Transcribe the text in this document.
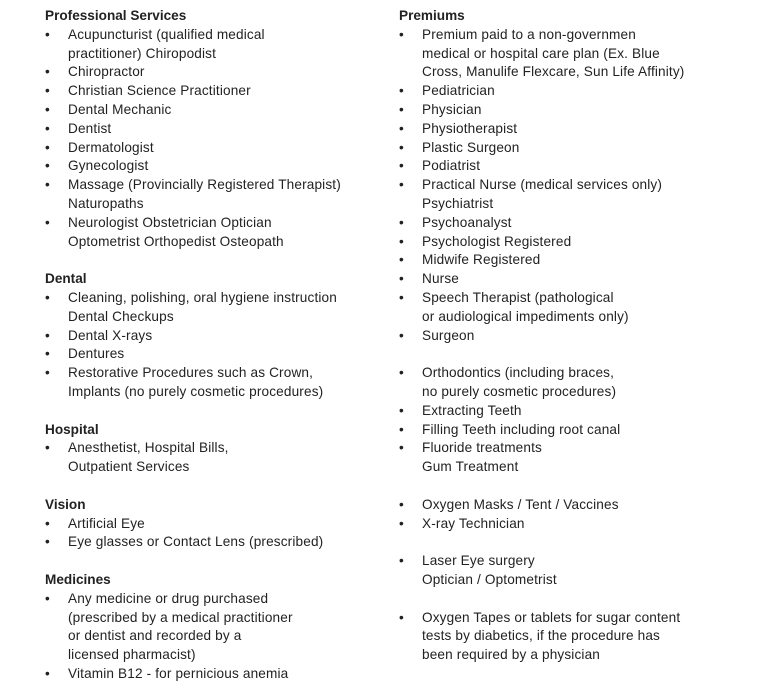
Professional Services
•	Acupuncturist (qualified medical
practitioner) Chiropodist
•	Chiropractor
•	Christian Science Practitioner
•	Dental Mechanic
•	Dentist
•	Dermatologist
•	Gynecologist
•	Massage (Provincially Registered Therapist)
Naturopaths
•	Neurologist Obstetrician Optician
Optometrist Orthopedist Osteopath
Dental
•	Cleaning, polishing, oral hygiene instruction
Dental Checkups
•	Dental X-rays
•	Dentures
•	Restorative Procedures such as Crown,
Implants (no purely cosmetic procedures)
Hospital
•	Anesthetist, Hospital Bills,
Outpatient Services
Vision
•	Artificial Eye
•	Eye glasses or Contact Lens (prescribed)
Medicines
•	Any medicine or drug purchased
(prescribed by a medical practitioner
or dentist and recorded by a
licensed pharmacist)
•	Vitamin B12 - for pernicious anemia
Premiums
•	Premium paid to a non-governmen
medical or hospital care plan (Ex. Blue
Cross, Manulife Flexcare, Sun Life Affinity)
•	Pediatrician
•	Physician
•	Physiotherapist
•	Plastic Surgeon
•	Podiatrist
•	Practical Nurse (medical services only)
Psychiatrist
•	Psychoanalyst
•	Psychologist Registered
•	Midwife Registered
•	Nurse
•	Speech Therapist (pathological
or audiological impediments only)
•	Surgeon
•	Orthodontics (including braces,
no purely cosmetic procedures)
•	Extracting Teeth
•	Filling Teeth including root canal
•	Fluoride treatments
Gum Treatment
•	Oxygen Masks / Tent / Vaccines
•	X-ray Technician
•	Laser Eye surgery
Optician / Optometrist
•	Oxygen Tapes or tablets for sugar content
tests by diabetics, if the procedure has
been required by a physician
